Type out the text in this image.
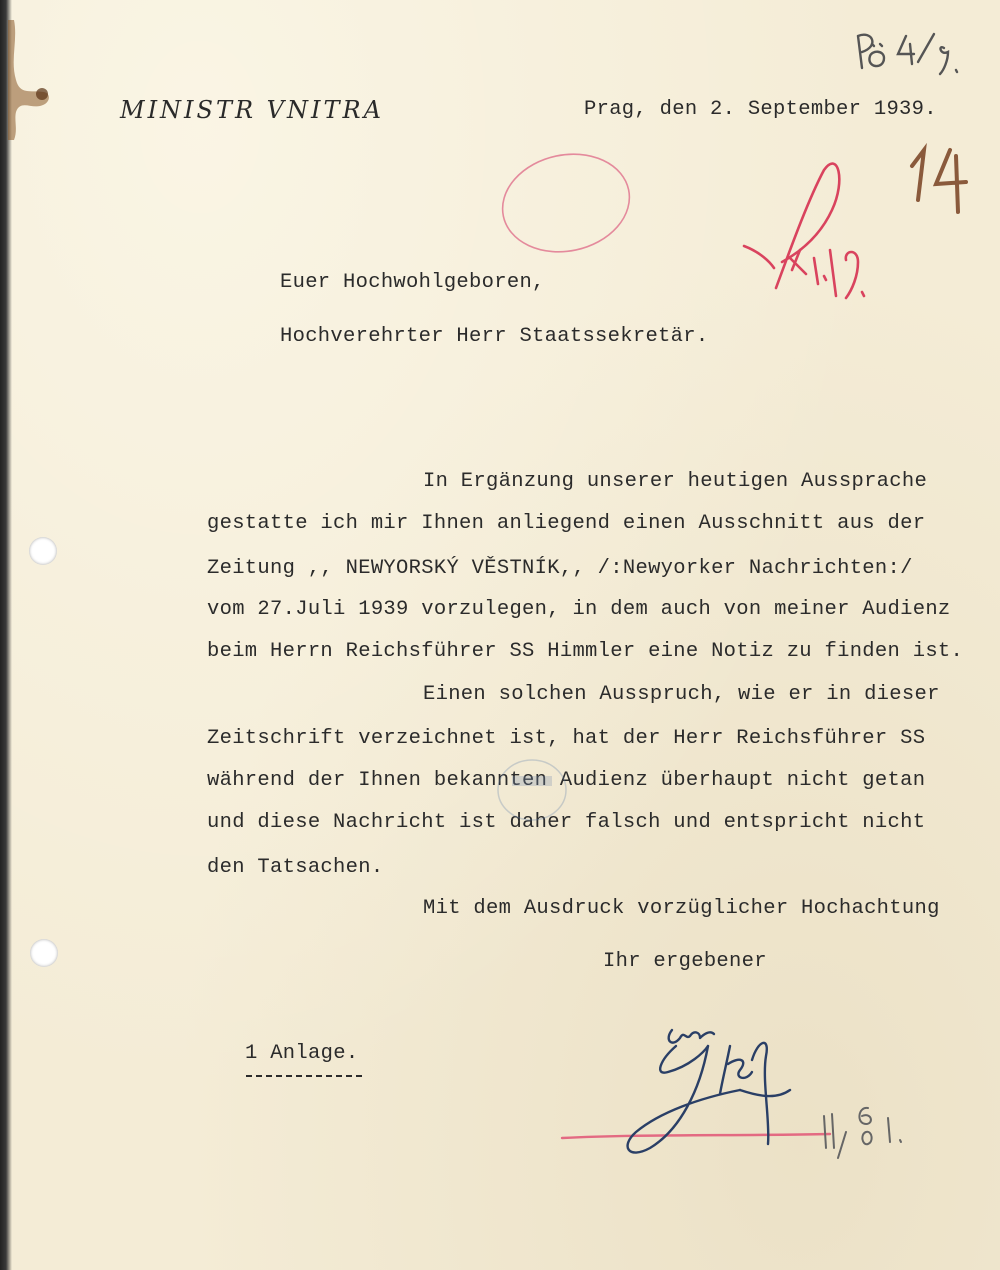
MINISTR VNITRA	Prag, den 2. September 1939.
Euer Hochwohlgeboren,
Hochverehrter Herr Staatssekretär.
In Ergänzung unserer heutigen Aussprache
gestatte ich mir Ihnen anliegend einen Ausschnitt aus der
Zeitung ,, NEWYORSKÝ VĚSTNÍK,, /:Newyorker Nachrichten:/
vom 27.Juli 1939 vorzulegen, in dem auch von meiner Audienz
beim Herrn Reichsführer SS Himmler eine Notiz zu finden ist.
Einen solchen Ausspruch, wie er in dieser
Zeitschrift verzeichnet ist, hat der Herr Reichsführer SS
während der Ihnen bekannten Audienz überhaupt nicht getan
und diese Nachricht ist daher falsch und entspricht nicht
den Tatsachen.
Mit dem Ausdruck vorzüglicher Hochachtung
Ihr ergebener
1 Anlage.
